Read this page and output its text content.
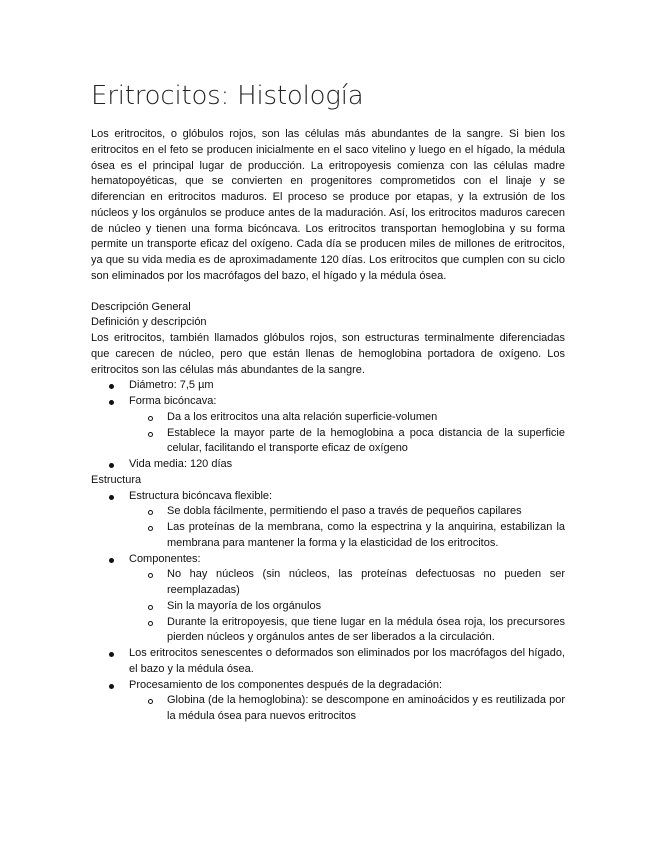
Eritrocitos: Histología

Los eritrocitos, o glóbulos rojos, son las células más abundantes de la sangre. Si bien los eritrocitos en el feto se producen inicialmente en el saco vitelino y luego en el hígado, la médula ósea es el principal lugar de producción. La eritropoyesis comienza con las células madre hematopoyéticas, que se convierten en progenitores comprometidos con el linaje y se diferencian en eritrocitos maduros. El proceso se produce por etapas, y la extrusión de los núcleos y los orgánulos se produce antes de la maduración. Así, los eritrocitos maduros carecen de núcleo y tienen una forma bicóncava. Los eritrocitos transportan hemoglobina y su forma permite un transporte eficaz del oxígeno. Cada día se producen miles de millones de eritrocitos, ya que su vida media es de aproximadamente 120 días. Los eritrocitos que cumplen con su ciclo son eliminados por los macrófagos del bazo, el hígado y la médula ósea.

Descripción General
Definición y descripción

Los eritrocitos, también llamados glóbulos rojos, son estructuras terminalmente diferenciadas que carecen de núcleo, pero que están llenas de hemoglobina portadora de oxígeno. Los eritrocitos son las células más abundantes de la sangre.

Diámetro: 7,5 µm
Forma bicóncava:
Da a los eritrocitos una alta relación superficie-volumen
Establece la mayor parte de la hemoglobina a poca distancia de la superficie celular, facilitando el transporte eficaz de oxígeno
Vida media: 120 días
Estructura
Estructura bicóncava flexible:
Se dobla fácilmente, permitiendo el paso a través de pequeños capilares
Las proteínas de la membrana, como la espectrina y la anquirina, estabilizan la membrana para mantener la forma y la elasticidad de los eritrocitos.
Componentes:
No hay núcleos (sin núcleos, las proteínas defectuosas no pueden ser reemplazadas)
Sin la mayoría de los orgánulos
Durante la eritropoyesis, que tiene lugar en la médula ósea roja, los precursores pierden núcleos y orgánulos antes de ser liberados a la circulación.
Los eritrocitos senescentes o deformados son eliminados por los macrófagos del hígado, el bazo y la médula ósea.
Procesamiento de los componentes después de la degradación:
Globina (de la hemoglobina): se descompone en aminoácidos y es reutilizada por la médula ósea para nuevos eritrocitos
